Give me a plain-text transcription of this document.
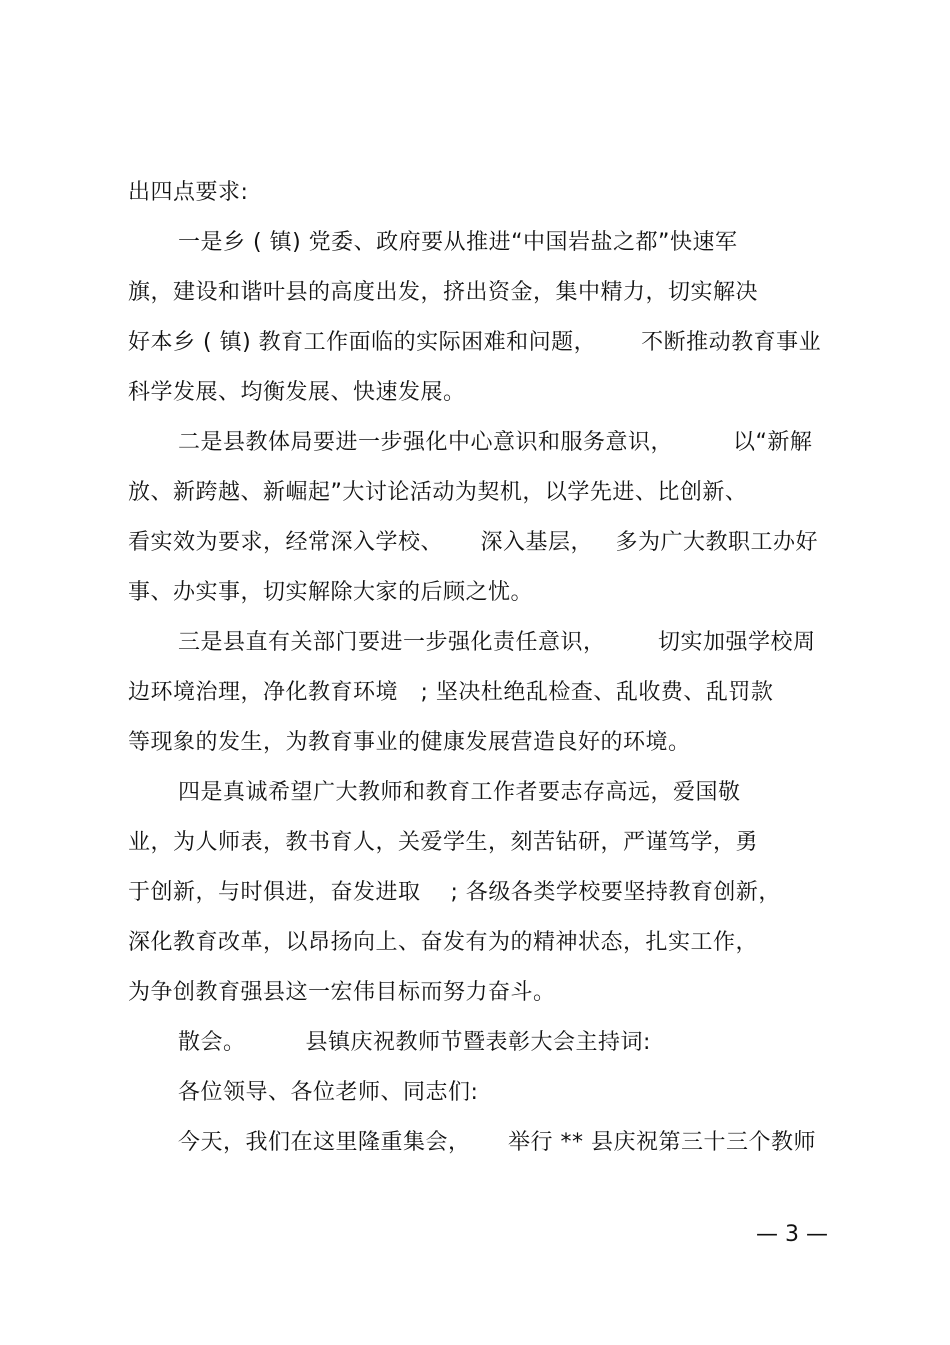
出四点要求:
一是乡 ( 镇) 党委、政府要从推进“中国岩盐之都”快速军
旗，建设和谐叶县的高度出发，挤出资金，集中精力，切实解决
好本乡 ( 镇) 教育工作面临的实际困难和问题，      不断推动教育事业
科学发展、均衡发展、快速发展。
二是县教体局要进一步强化中心意识和服务意识，        以“新解
放、新跨越、新崛起”大讨论活动为契机，以学先进、比创新、
看实效为要求，经常深入学校、     深入基层，   多为广大教职工办好
事、办实事，切实解除大家的后顾之忧。
三是县直有关部门要进一步强化责任意识，       切实加强学校周
边环境治理，净化教育环境   ; 坚决杜绝乱检查、乱收费、乱罚款
等现象的发生，为教育事业的健康发展营造良好的环境。
四是真诚希望广大教师和教育工作者要志存高远，爱国敬
业，为人师表，教书育人，关爱学生，刻苦钻研，严谨笃学，勇
于创新，与时俱进，奋发进取    ; 各级各类学校要坚持教育创新，
深化教育改革，以昂扬向上、奋发有为的精神状态，扎实工作，
为争创教育强县这一宏伟目标而努力奋斗。
散会。        县镇庆祝教师节暨表彰大会主持词:
各位领导、各位老师、同志们:
今天，我们在这里隆重集会，     举行 ** 县庆祝第三十三个教师
— 3 —
